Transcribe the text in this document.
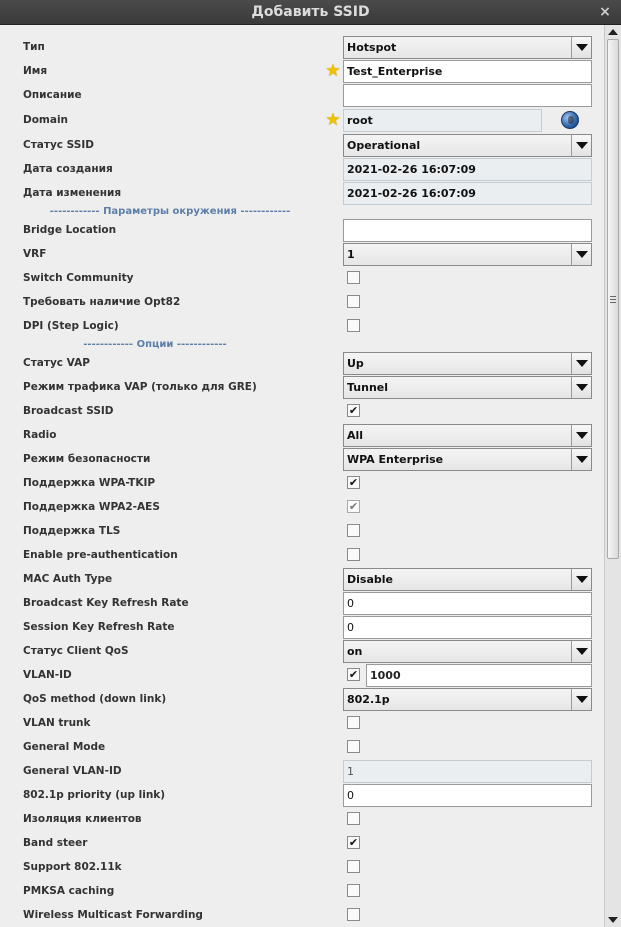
Добавить SSID	×
Тип	Hotspot
Имя	★ Test_Enterprise
Описание
Domain	★ root
Статус SSID	Operational
Дата создания	2021-02-26 16:07:09
Дата изменения	2021-02-26 16:07:09
------------ Параметры окружения ------------
Bridge Location
VRF	1
Switch Community
Требовать наличие Opt82
DPI (Step Logic)
------------ Опции ------------
Статус VAP	Up
Режим трафика VAP (только для GRE)	Tunnel
Broadcast SSID	✔
Radio	All
Режим безопасности	WPA Enterprise
Поддержка WPA-TKIP	✔
Поддержка WPA2-AES	✔
Поддержка TLS
Enable pre-authentication
MAC Auth Type	Disable
Broadcast Key Refresh Rate	0
Session Key Refresh Rate	0
Статус Client QoS	on
VLAN-ID	✔	1000
QoS method (down link)	802.1p
VLAN trunk
General Mode
General VLAN-ID	1
802.1p priority (up link)	0
Изоляция клиентов
Band steer	✔
Support 802.11k
PMKSA caching
Wireless Multicast Forwarding
